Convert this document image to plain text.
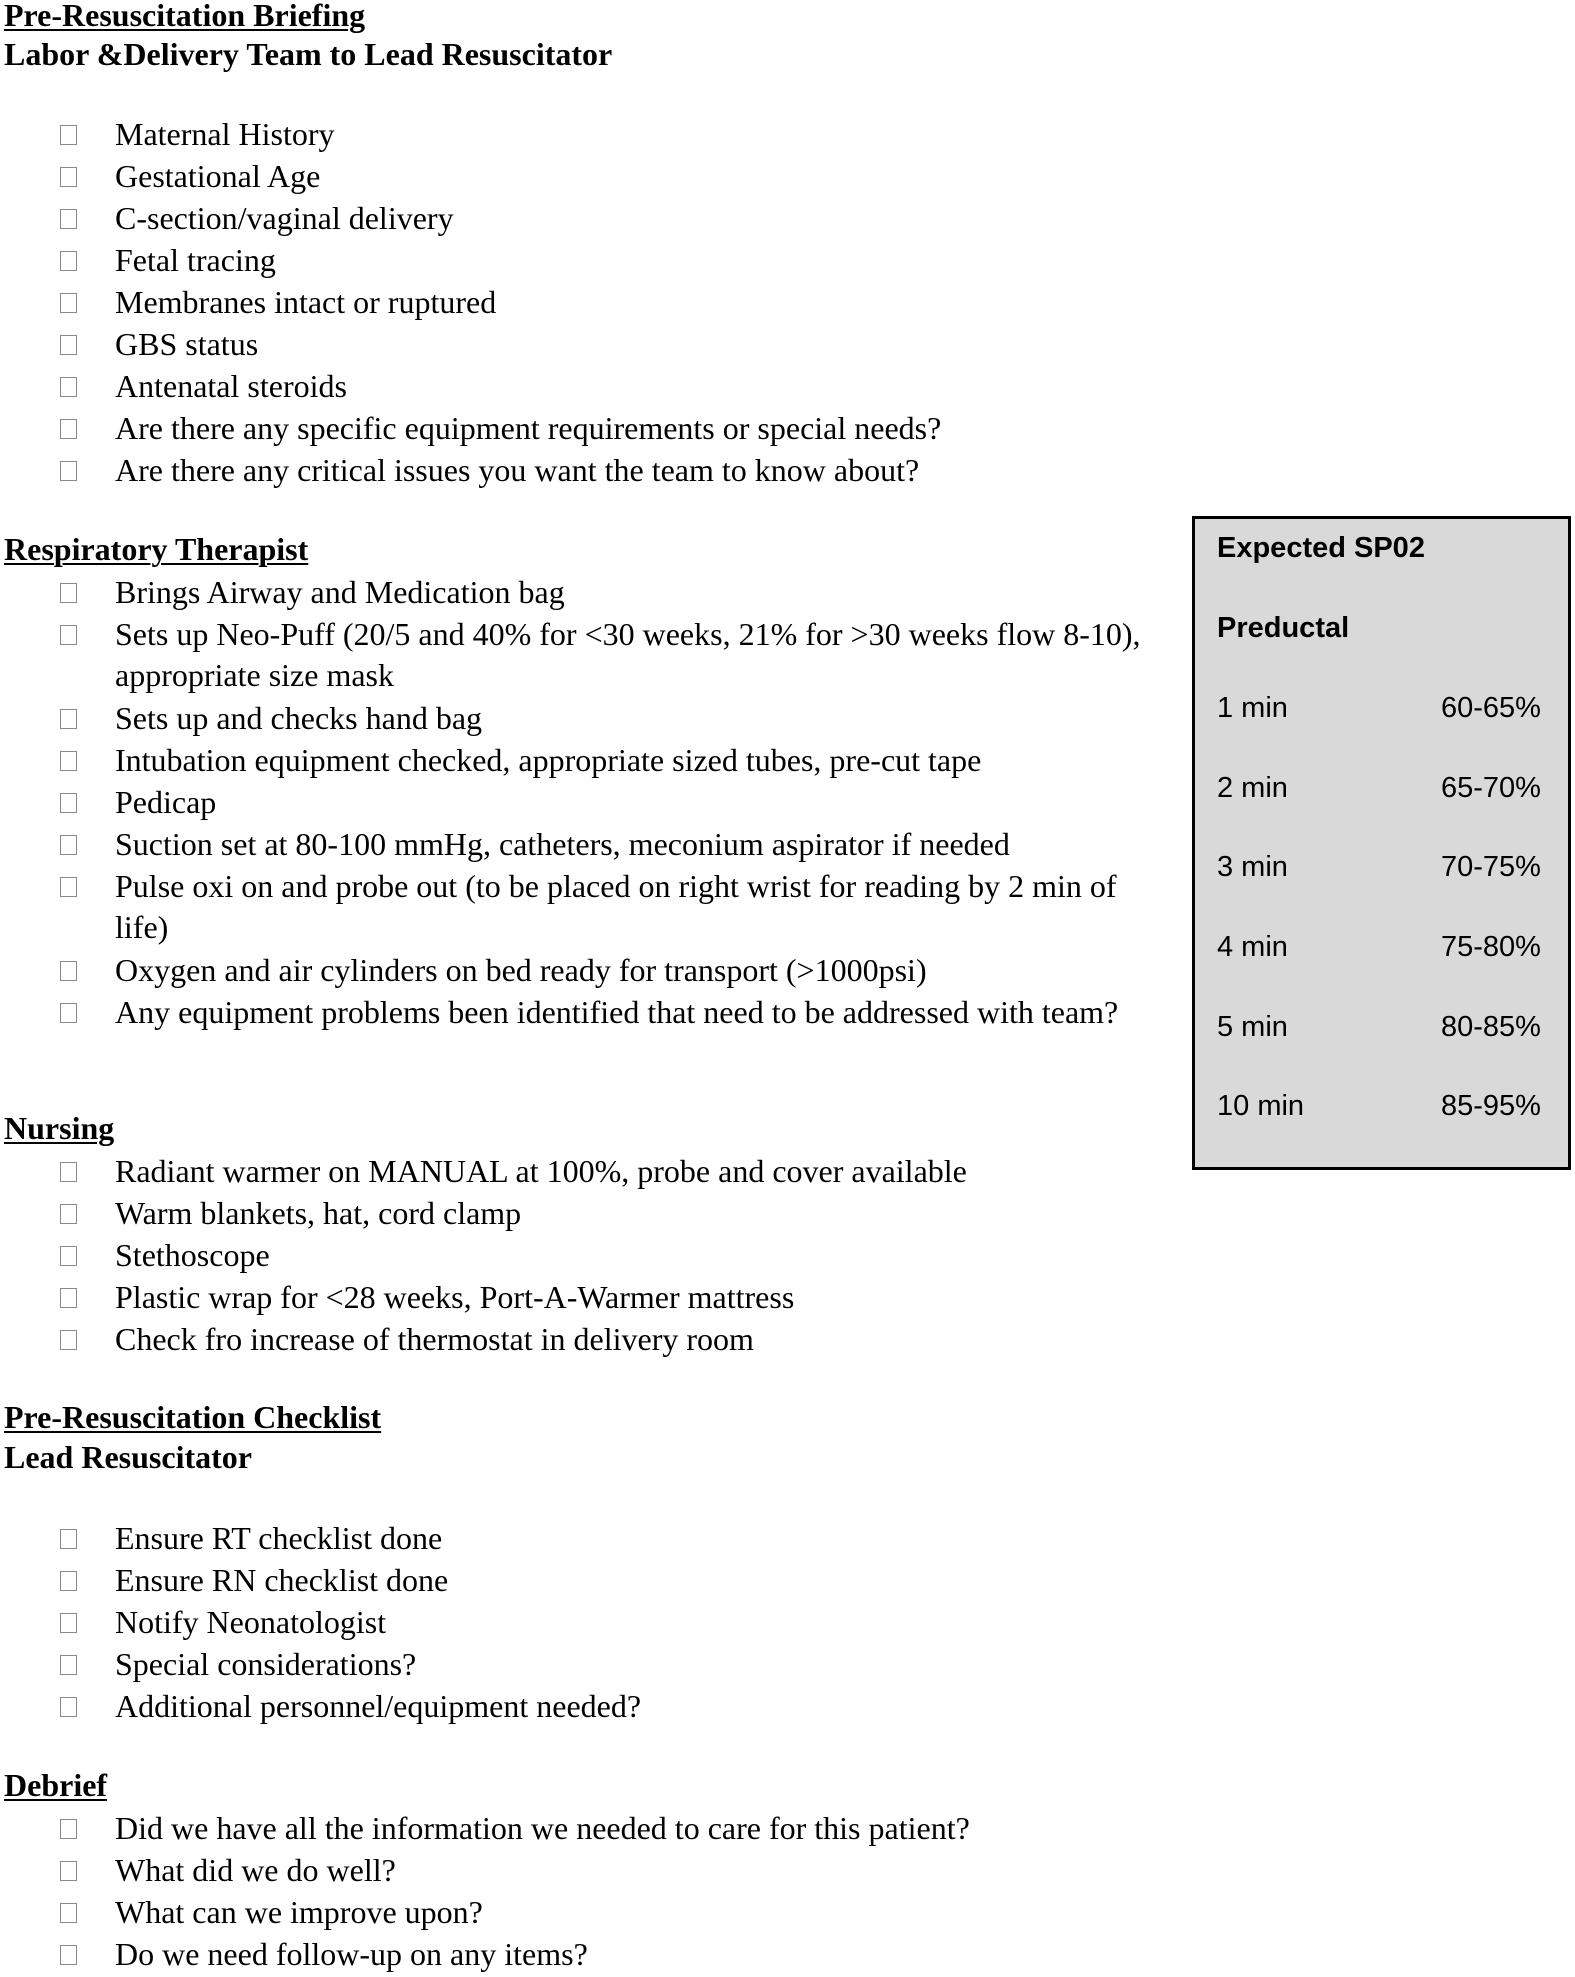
Pre-Resuscitation Briefing
Labor &Delivery Team to Lead Resuscitator
Maternal History
Gestational Age
C-section/vaginal delivery
Fetal tracing
Membranes intact or ruptured
GBS status
Antenatal steroids
Are there any specific equipment requirements or special needs?
Are there any critical issues you want the team to know about?
Respiratory Therapist
Brings Airway and Medication bag
Sets up Neo-Puff (20/5 and 40% for <30 weeks, 21% for >30 weeks flow 8-10), appropriate size mask
Sets up and checks hand bag
Intubation equipment checked, appropriate sized tubes, pre-cut tape
Pedicap
Suction set at 80-100 mmHg, catheters, meconium aspirator if needed
Pulse oxi on and probe out (to be placed on right wrist for reading by 2 min of life)
Oxygen and air cylinders on bed ready for transport (>1000psi)
Any equipment problems been identified that need to be addressed with team?
Nursing
Radiant warmer on MANUAL at 100%, probe and cover available
Warm blankets, hat, cord clamp
Stethoscope
Plastic wrap for <28 weeks, Port-A-Warmer mattress
Check fro increase of thermostat in delivery room
Pre-Resuscitation Checklist
Lead Resuscitator
Ensure RT checklist done
Ensure RN checklist done
Notify Neonatologist
Special considerations?
Additional personnel/equipment needed?
Debrief
Did we have all the information we needed to care for this patient?
What did we do well?
What can we improve upon?
Do we need follow-up on any items?
Expected SP02
Preductal
1 min	60-65%
2 min	65-70%
3 min	70-75%
4 min	75-80%
5 min	80-85%
10 min	85-95%
